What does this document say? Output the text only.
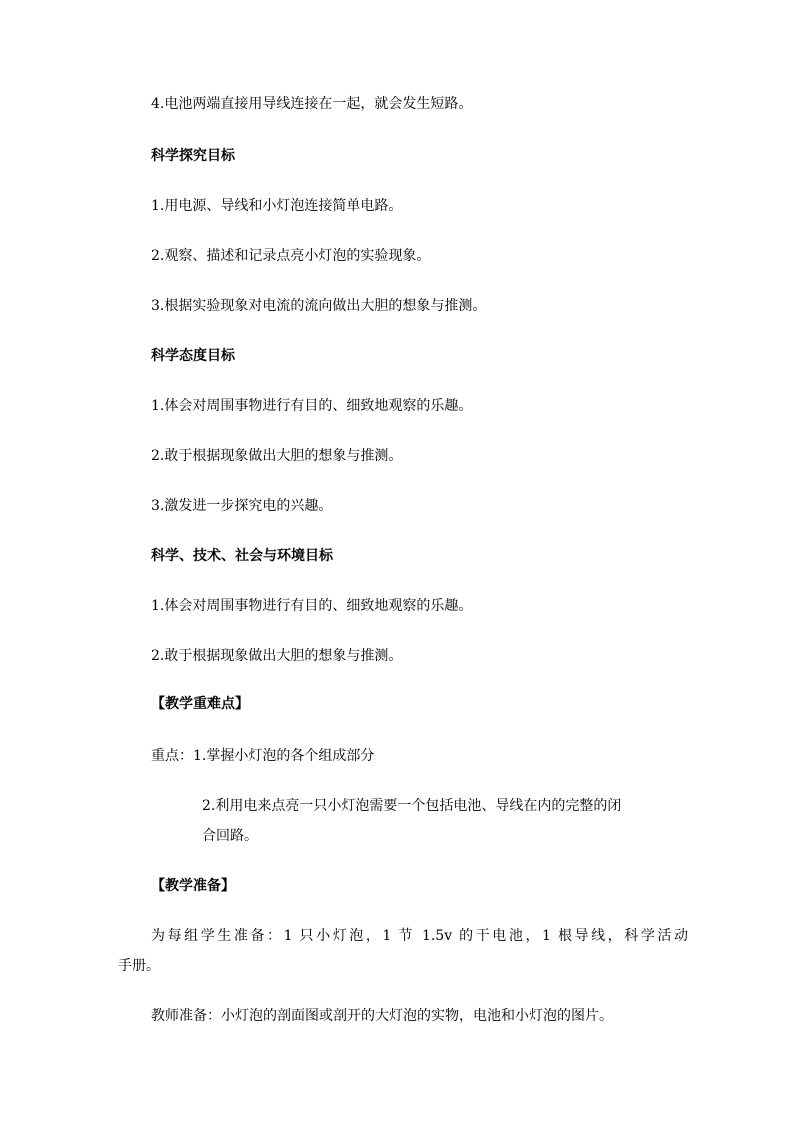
4.电池两端直接用导线连接在一起，就会发生短路。
科学探究目标
1.用电源、导线和小灯泡连接简单电路。
2.观察、描述和记录点亮小灯泡的实验现象。
3.根据实验现象对电流的流向做出大胆的想象与推测。
科学态度目标
1.体会对周围事物进行有目的、细致地观察的乐趣。
2.敢于根据现象做出大胆的想象与推测。
3.激发进一步探究电的兴趣。
科学、技术、社会与环境目标
1.体会对周围事物进行有目的、细致地观察的乐趣。
2.敢于根据现象做出大胆的想象与推测。
【教学重难点】
重点：1.掌握小灯泡的各个组成部分
2.利用电来点亮一只小灯泡需要一个包括电池、导线在内的完整的闭
合回路。
【教学准备】
为每组学生准备：1 只小灯泡，1 节 1.5v 的干电池，1 根导线，科学活动
手册。
教师准备：小灯泡的剖面图或剖开的大灯泡的实物，电池和小灯泡的图片。
